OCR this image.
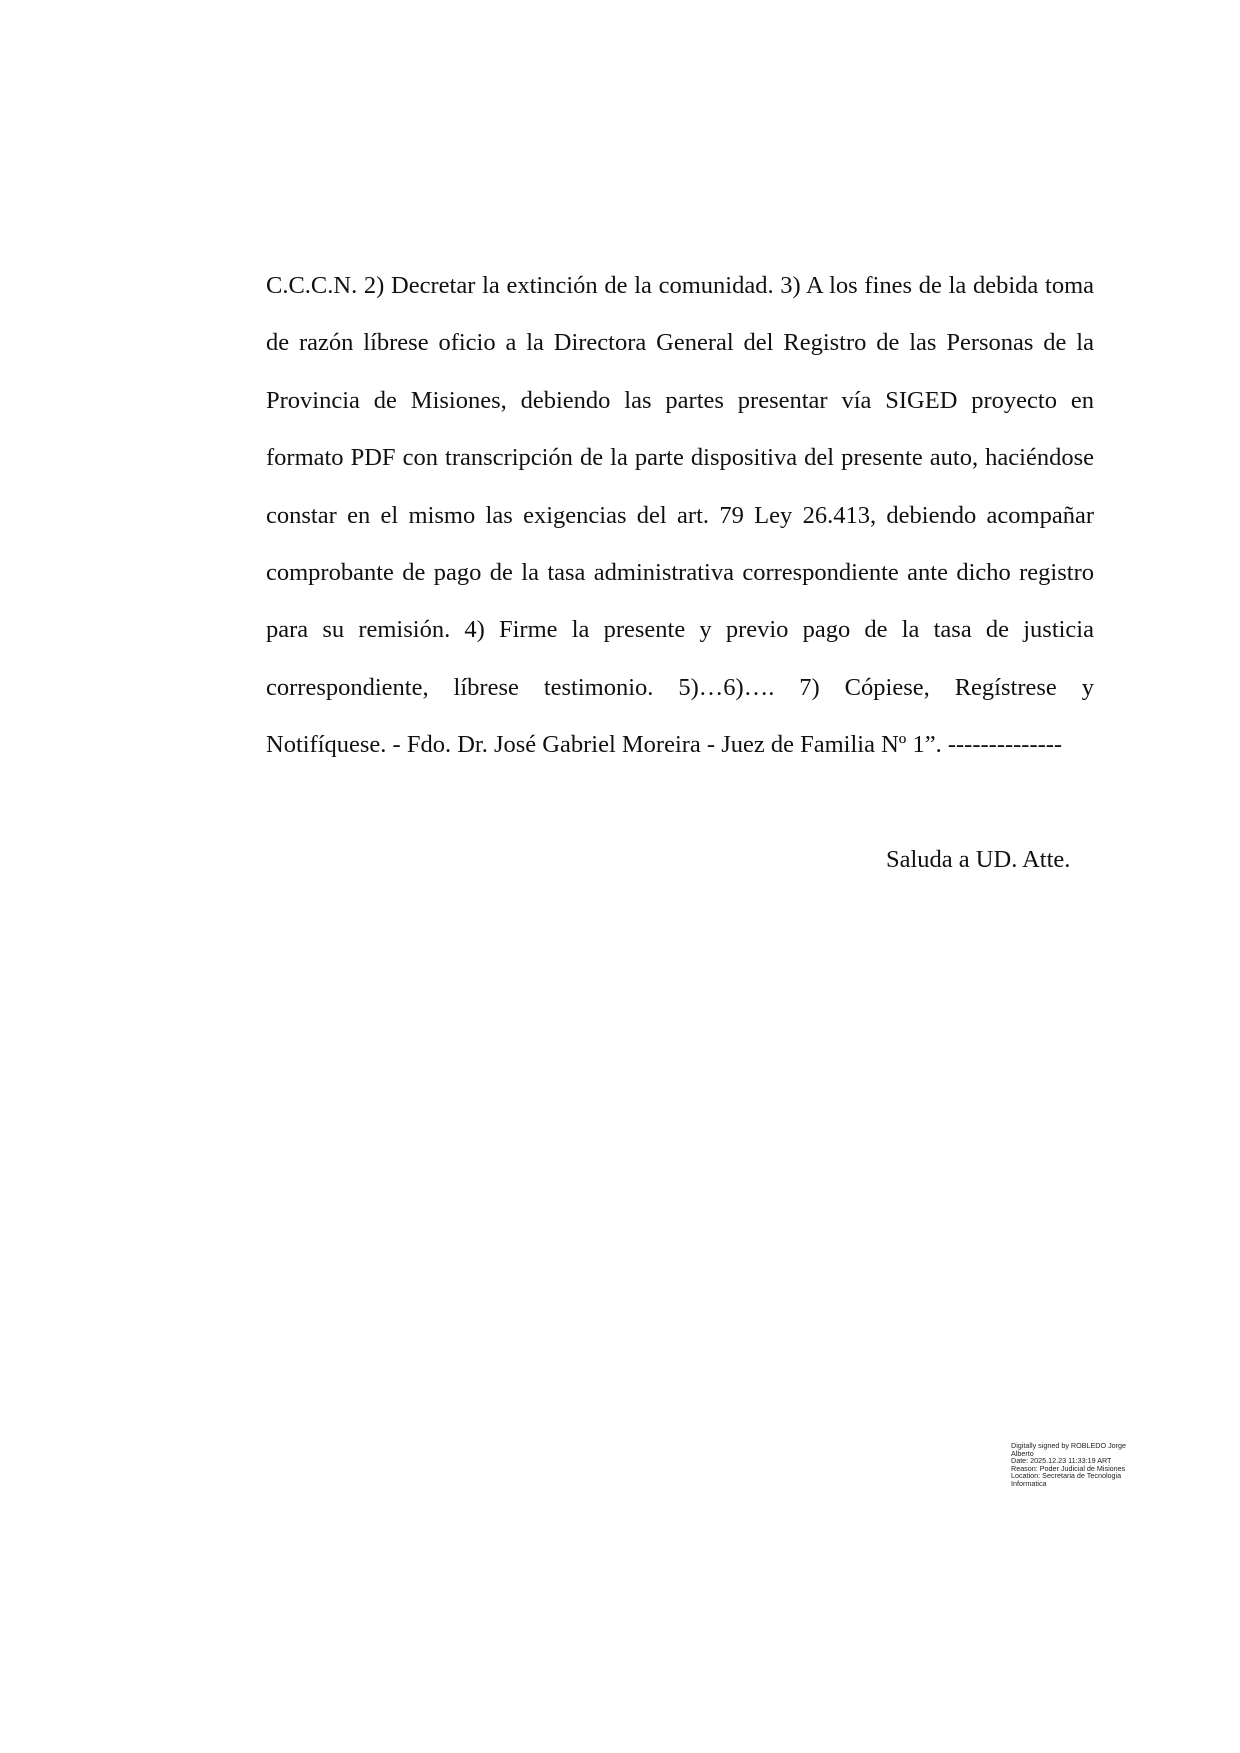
C.C.C.N. 2) Decretar la extinción de la comunidad. 3) A los fines de la debida toma
de razón líbrese oficio a la Directora General del Registro de las Personas de la
Provincia de Misiones, debiendo las partes presentar vía SIGED proyecto en
formato PDF con transcripción de la parte dispositiva del presente auto, haciéndose
constar en el mismo las exigencias del art. 79 Ley 26.413, debiendo acompañar
comprobante de pago de la tasa administrativa correspondiente ante dicho registro
para su remisión. 4) Firme la presente y previo pago de la tasa de justicia
correspondiente, líbrese testimonio. 5)…6)…. 7) Cópiese, Regístrese y
Notifíquese. - Fdo. Dr. José Gabriel Moreira - Juez de Familia Nº 1”. --------------
Saluda a UD. Atte.
Digitally signed by ROBLEDO Jorge
Alberto
Date: 2025.12.23 11:33:19 ART
Reason: Poder Judicial de Misiones
Location: Secretaria de Tecnologia
Informatica
